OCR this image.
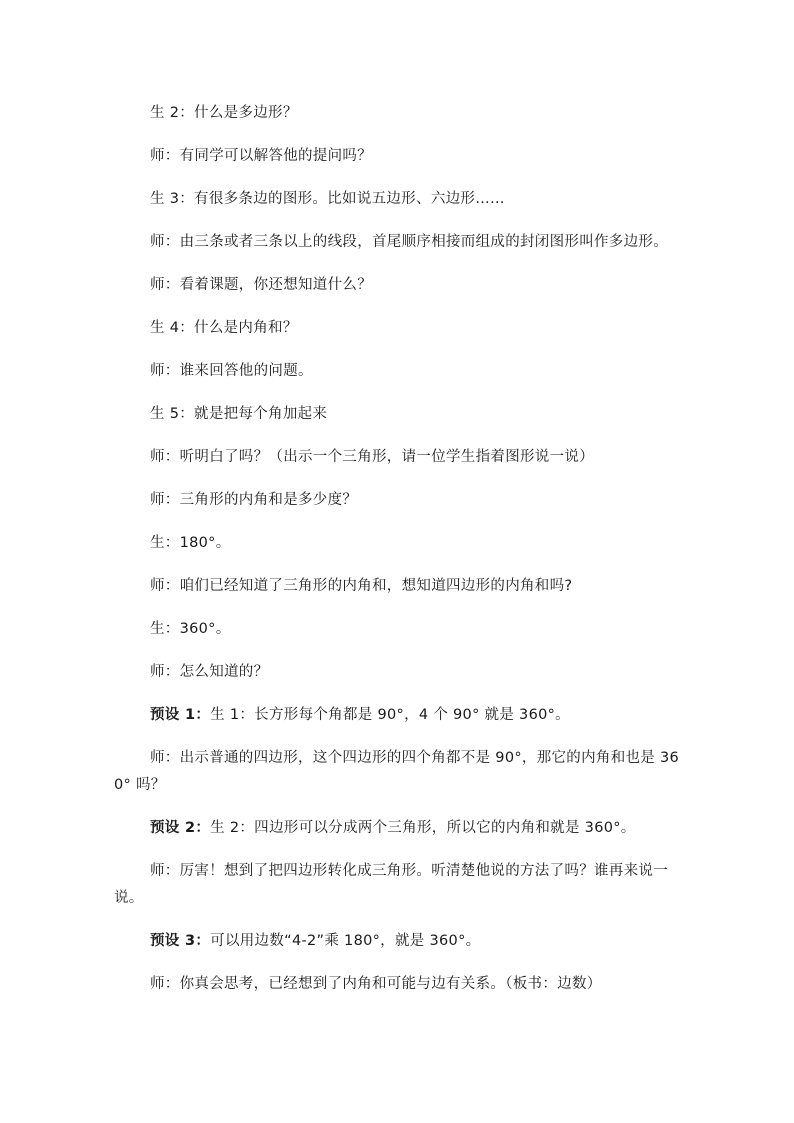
生 2：什么是多边形？

师：有同学可以解答他的提问吗？

生 3：有很多条边的图形。比如说五边形、六边形……

师：由三条或者三条以上的线段，首尾顺序相接而组成的封闭图形叫作多边形。

师：看着课题，你还想知道什么？

生 4：什么是内角和？

师：谁来回答他的问题。

生 5：就是把每个角加起来

师：听明白了吗？（出示一个三角形，请一位学生指着图形说一说）

师：三角形的内角和是多少度？

生：180°。

师：咱们已经知道了三角形的内角和，想知道四边形的内角和吗?

生：360°。

师：怎么知道的？

预设 1：生 1：长方形每个角都是 90°，4 个 90° 就是 360°。

师：出示普通的四边形，这个四边形的四个角都不是 90°，那它的内角和也是 360° 吗？

预设 2：生 2：四边形可以分成两个三角形，所以它的内角和就是 360°。

师：厉害！想到了把四边形转化成三角形。听清楚他说的方法了吗？谁再来说一说。

预设 3：可以用边数“4-2”乘 180°，就是 360°。

师：你真会思考，已经想到了内角和可能与边有关系。（板书：边数）
